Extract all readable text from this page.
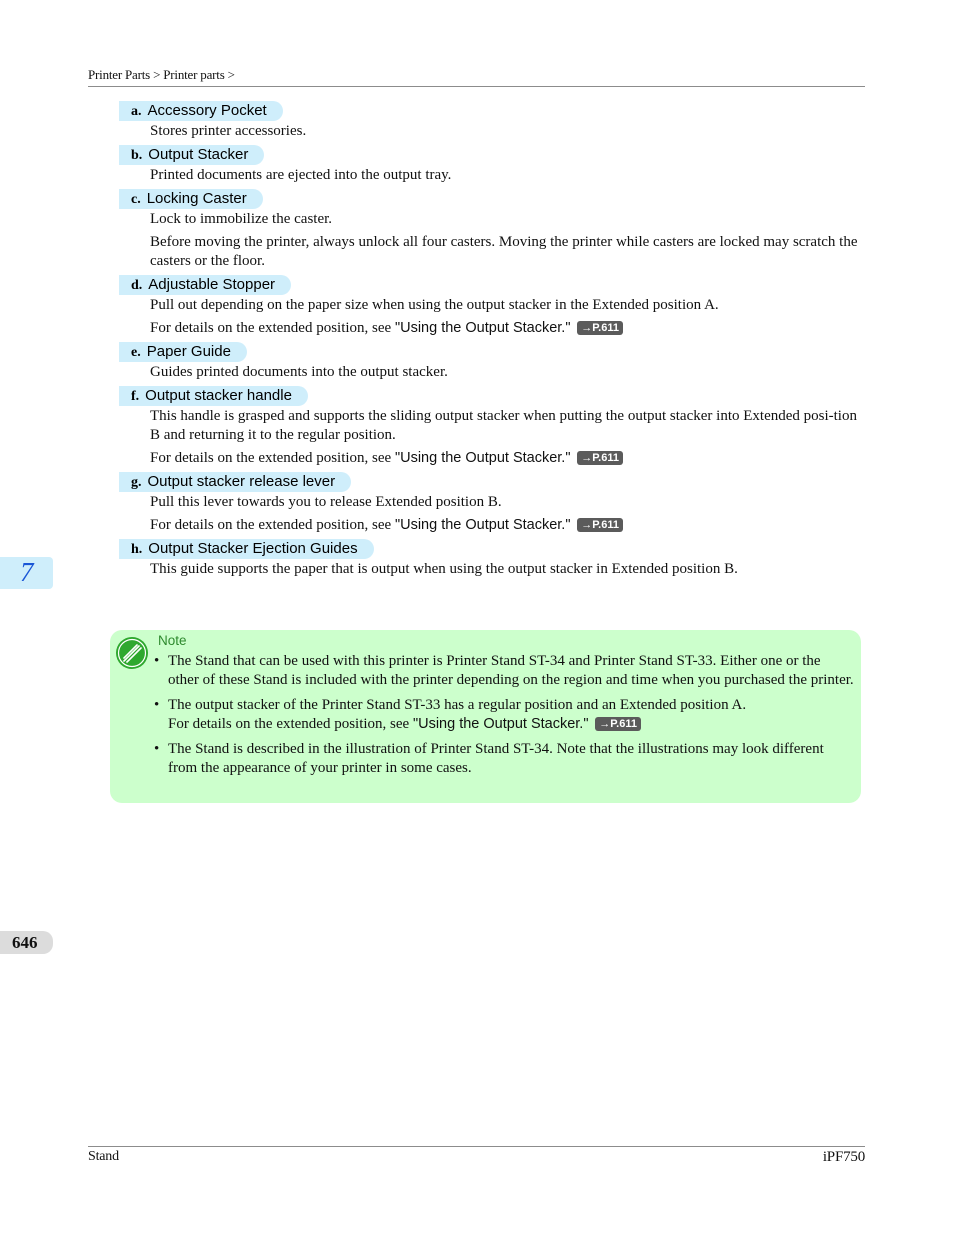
Printer Parts > Printer parts >
a. Accessory Pocket

Stores printer accessories.

b. Output Stacker

Printed documents are ejected into the output tray.

c. Locking Caster

Lock to immobilize the caster.

Before moving the printer, always unlock all four casters. Moving the printer while casters are locked may scratch the casters or the floor.

d. Adjustable Stopper

Pull out depending on the paper size when using the output stacker in the Extended position A.

For details on the extended position, see "Using the Output Stacker." →P.611

e. Paper Guide

Guides printed documents into the output stacker.

f. Output stacker handle

This handle is grasped and supports the sliding output stacker when putting the output stacker into Extended posi-tion B and returning it to the regular position.

For details on the extended position, see "Using the Output Stacker." →P.611

g. Output stacker release lever

Pull this lever towards you to release Extended position B.

For details on the extended position, see "Using the Output Stacker." →P.611

h. Output Stacker Ejection Guides

This guide supports the paper that is output when using the output stacker in Extended position B.

Note
• The Stand that can be used with this printer is Printer Stand ST-34 and Printer Stand ST-33. Either one or the other of these Stand is included with the printer depending on the region and time when you purchased the printer.
• The output stacker of the Printer Stand ST-33 has a regular position and an Extended position A.
For details on the extended position, see "Using the Output Stacker." →P.611
• The Stand is described in the illustration of Printer Stand ST-34. Note that the illustrations may look different from the appearance of your printer in some cases.
7
646
Stand	iPF750
